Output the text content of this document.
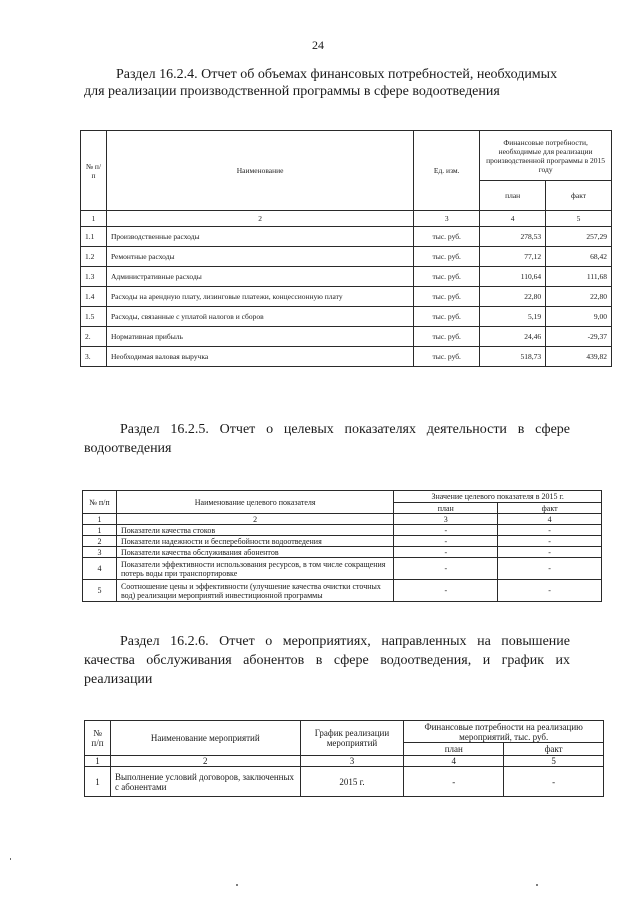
24
Раздел 16.2.4. Отчет об объемах финансовых потребностей, необходимых
для реализации производственной программы в сфере водоотведения
№ п/п	Наименование	Ед. изм.	Финансовые потребности, необходимые для реализации производственной программы в 2015 году	
			план	факт
1	2	3	4	5
1.1	Производственные расходы	тыс. руб.	278,53	257,29
1.2	Ремонтные расходы	тыс. руб.	77,12	68,42
1.3	Административные расходы	тыс. руб.	110,64	111,68
1.4	Расходы на арендную плату, лизинговые платежи, концессионную плату	тыс. руб.	22,80	22,80
1.5	Расходы, связанные с уплатой налогов и сборов	тыс. руб.	5,19	9,00
2.	Нормативная прибыль	тыс. руб.	24,46	-29,37
3.	Необходимая валовая выручка	тыс. руб.	518,73	439,82
Раздел 16.2.5. Отчет о целевых показателях деятельности в сфере
водоотведения
№ п/п	Наименование целевого показателя	Значение целевого показателя в 2015 г.	
		план	факт
1	2	3	4
1	Показатели качества стоков	-	-
2	Показатели надежности и бесперебойности водоотведения	-	-
3	Показатели качества обслуживания абонентов	-	-
4	Показатели эффективности использования ресурсов, в том числе сокращения потерь воды при транспортировке	-	-
5	Соотношение цены и эффективности (улучшение качества очистки сточных вод) реализации мероприятий инвестиционной программы	-	-
Раздел 16.2.6. Отчет о мероприятиях, направленных на повышение
качества обслуживания абонентов в сфере водоотведения, и график их
реализации
№ п/п	Наименование мероприятий	График реализации мероприятий	Финансовые потребности на реализацию мероприятий, тыс. руб.	
			план	факт
1	2	3	4	5
1	Выполнение условий договоров, заключенных с абонентами	2015 г.	-	-
